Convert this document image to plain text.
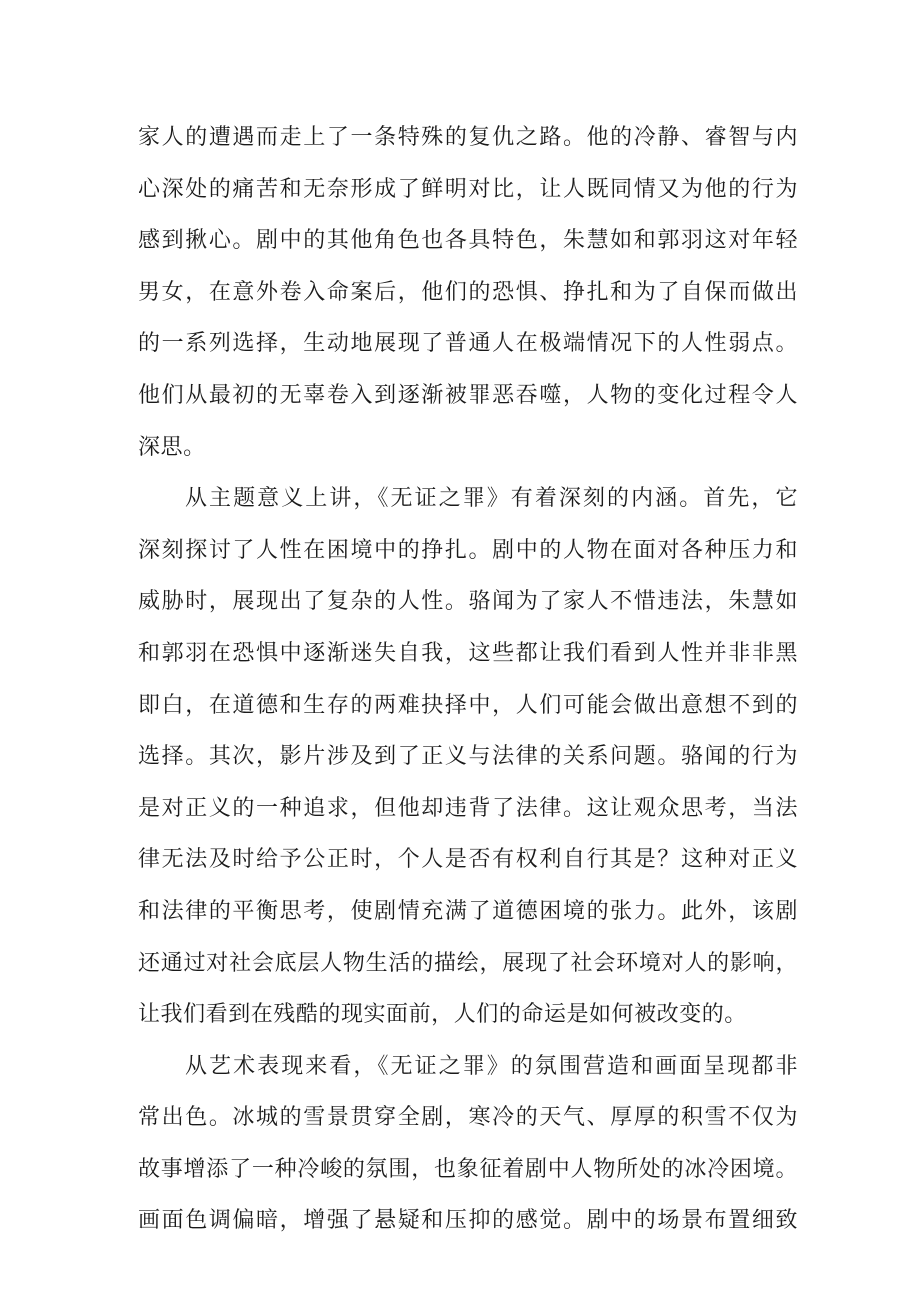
家人的遭遇而走上了一条特殊的复仇之路。他的冷静、睿智与内
心深处的痛苦和无奈形成了鲜明对比，让人既同情又为他的行为
感到揪心。剧中的其他角色也各具特色，朱慧如和郭羽这对年轻
男女，在意外卷入命案后，他们的恐惧、挣扎和为了自保而做出
的一系列选择，生动地展现了普通人在极端情况下的人性弱点。
他们从最初的无辜卷入到逐渐被罪恶吞噬，人物的变化过程令人
深思。
从主题意义上讲，《无证之罪》有着深刻的内涵。首先，它
深刻探讨了人性在困境中的挣扎。剧中的人物在面对各种压力和
威胁时，展现出了复杂的人性。骆闻为了家人不惜违法，朱慧如
和郭羽在恐惧中逐渐迷失自我，这些都让我们看到人性并非非黑
即白，在道德和生存的两难抉择中，人们可能会做出意想不到的
选择。其次，影片涉及到了正义与法律的关系问题。骆闻的行为
是对正义的一种追求，但他却违背了法律。这让观众思考，当法
律无法及时给予公正时，个人是否有权利自行其是？这种对正义
和法律的平衡思考，使剧情充满了道德困境的张力。此外，该剧
还通过对社会底层人物生活的描绘，展现了社会环境对人的影响，
让我们看到在残酷的现实面前，人们的命运是如何被改变的。
从艺术表现来看，《无证之罪》的氛围营造和画面呈现都非
常出色。冰城的雪景贯穿全剧，寒冷的天气、厚厚的积雪不仅为
故事增添了一种冷峻的氛围，也象征着剧中人物所处的冰冷困境。
画面色调偏暗，增强了悬疑和压抑的感觉。剧中的场景布置细致
